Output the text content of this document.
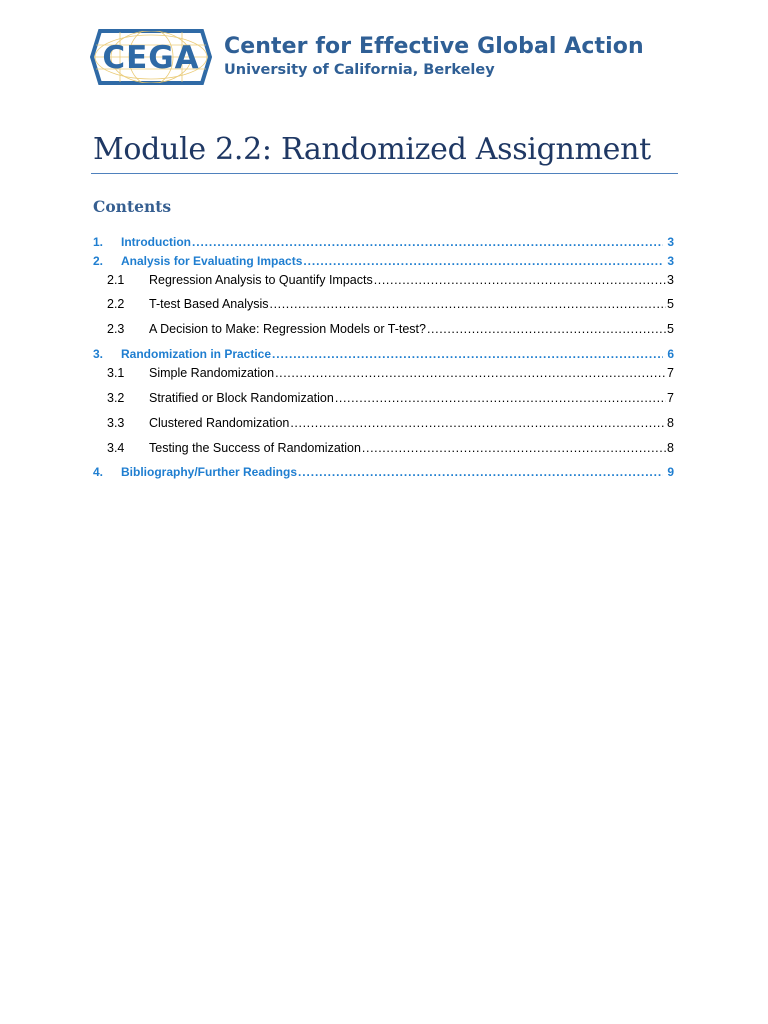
CEGA Center for Effective Global Action
University of California, Berkeley
Module 2.2: Randomized Assignment
Contents
1.	Introduction .....	3
2.	Analysis for Evaluating Impacts .....	3
2.1	Regression Analysis to Quantify Impacts .....	3
2.2	T-test Based Analysis .....	5
2.3	A Decision to Make: Regression Models or T-test? .....	5
3.	Randomization in Practice .....	6
3.1	Simple Randomization .....	7
3.2	Stratified or Block Randomization .....	7
3.3	Clustered Randomization .....	8
3.4	Testing the Success of Randomization .....	8
4.	Bibliography/Further Readings .....	9
